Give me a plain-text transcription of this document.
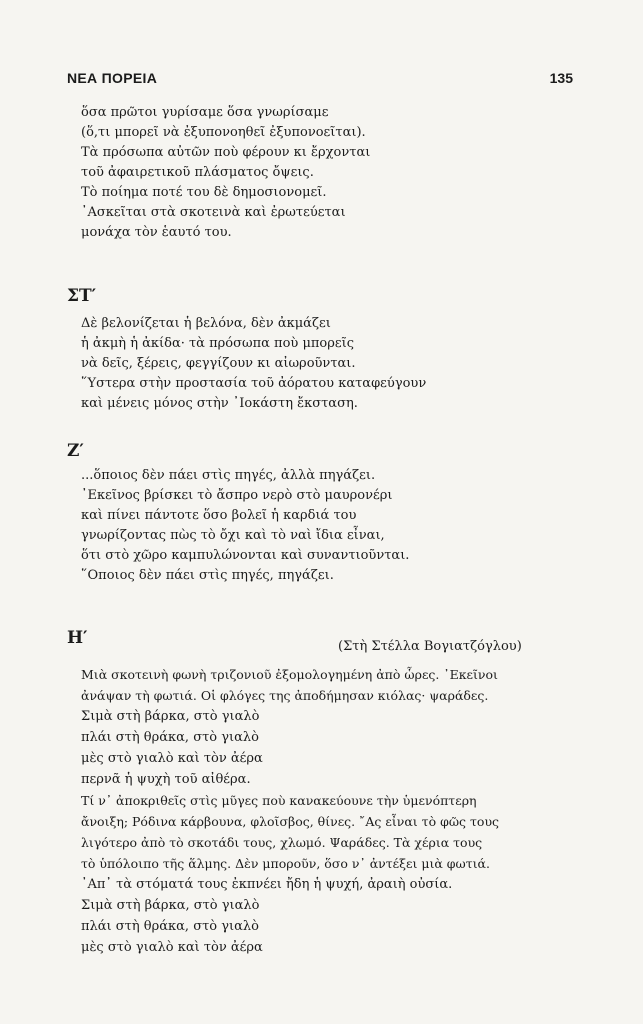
ΝΕΑ ΠΟΡΕΙΑ	135
ὅσα πρῶτοι γυρίσαμε ὅσα γνωρίσαμε
(ὅ,τι μπορεῖ νὰ ἐξυπονοηθεῖ ἐξυπονοεῖται).
Τὰ πρόσωπα αὐτῶν ποὺ φέρουν κι ἔρχονται
τοῦ ἀφαιρετικοῦ πλάσματος ὄψεις.
Τὸ ποίημα ποτέ του δὲ δημοσιονομεῖ.
᾿Ασκεῖται στὰ σκοτεινὰ καὶ ἐρωτεύεται
μονάχα τὸν ἑαυτό του.
ΣΤ′
Δὲ βελονίζεται ἡ βελόνα, δὲν ἀκμάζει
ἡ ἀκμὴ ἡ ἀκίδα· τὰ πρόσωπα ποὺ μπορεῖς
νὰ δεῖς, ξέρεις, φεγγίζουν κι αἰωροῦνται.
῞Υστερα στὴν προστασία τοῦ ἀόρατου καταφεύγουν
καὶ μένεις μόνος στὴν ᾿Ιοκάστη ἔκσταση.
Ζ′
...ὅποιος δὲν πάει στὶς πηγές, ἀλλὰ πηγάζει.
᾿Εκεῖνος βρίσκει τὸ ἄσπρο νερὸ στὸ μαυρονέρι
καὶ πίνει πάντοτε ὅσο βολεῖ ἡ καρδιά του
γνωρίζοντας πὼς τὸ ὄχι καὶ τὸ ναὶ ἴδια εἶναι,
ὅτι στὸ χῶρο καμπυλώνονται καὶ συναντιοῦνται.
῞Οποιος δὲν πάει στὶς πηγές, πηγάζει.
Η′	(Στὴ Στέλλα Βογιατζόγλου)
Μιὰ σκοτεινὴ φωνὴ τριζονιοῦ ἐξομολογημένη ἀπὸ ὧρες. ᾿Εκεῖνοι
ἀνάψαν τὴ φωτιά. Οἱ φλόγες της ἀποδήμησαν κιόλας· ψαράδες.
Σιμὰ στὴ βάρκα, στὸ γιαλὸ
πλάι στὴ θράκα, στὸ γιαλὸ
μὲς στὸ γιαλὸ καὶ τὸν ἀέρα
περνᾶ ἡ ψυχὴ τοῦ αἰθέρα.
Τί ν᾿ ἀποκριθεῖς στὶς μῦγες ποὺ κανακεύουνε τὴν ὑμενόπτερη
ἄνοιξη; Ρόδινα κάρβουνα, φλοῖσβος, θίνες. ῎Ας εἶναι τὸ φῶς τους
λιγότερο ἀπὸ τὸ σκοτάδι τους, χλωμό. Ψαράδες. Τὰ χέρια τους
τὸ ὑπόλοιπο τῆς ἅλμης. Δὲν μποροῦν, ὅσο ν᾿ ἀντέξει μιὰ φωτιά.
᾿Απ᾿ τὰ στόματά τους ἐκπνέει ἤδη ἡ ψυχή, ἀραιὴ οὐσία.
Σιμὰ στὴ βάρκα, στὸ γιαλὸ
πλάι στὴ θράκα, στὸ γιαλὸ
μὲς στὸ γιαλὸ καὶ τὸν ἀέρα
